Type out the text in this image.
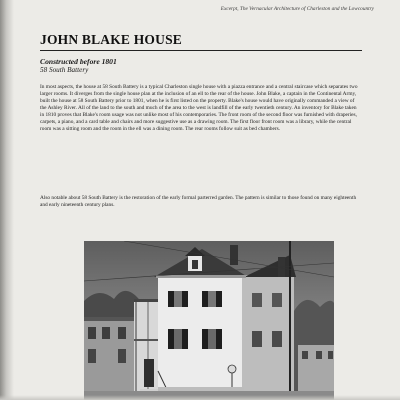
Excerpt, The Vernacular Architecture of Charleston and the Lowcountry
JOHN BLAKE HOUSE
Constructed before 1801
58 South Battery

In most aspects, the house at 58 South Battery is a typical Charleston single house with a piazza entrance and a central staircase which separates two larger rooms. It diverges from the single house plan at the inclusion of an ell to the rear of the house. John Blake, a captain in the Continental Army, built the house at 58 South Battery prior to 1801, when he is first listed on the property. Blake's house would have originally commanded a view of the Ashley River. All of the land to the south and much of the area to the west is landfill of the early twentieth century. An inventory for Blake taken in 1810 proves that Blake's room usage was not unlike most of his contemporaries. The front room of the second floor was furnished with draperies, carpets, a piano, and a card table and chairs and more suggestive use as a drawing room. The first floor front room was a library, while the central room was a sitting room and the room in the ell was a dining room. The rear rooms follow suit as bed chambers.

Also notable about 58 South Battery is the restoration of the early formal parterred garden. The pattern is similar to those found on many eighteenth and early nineteenth century plans.
